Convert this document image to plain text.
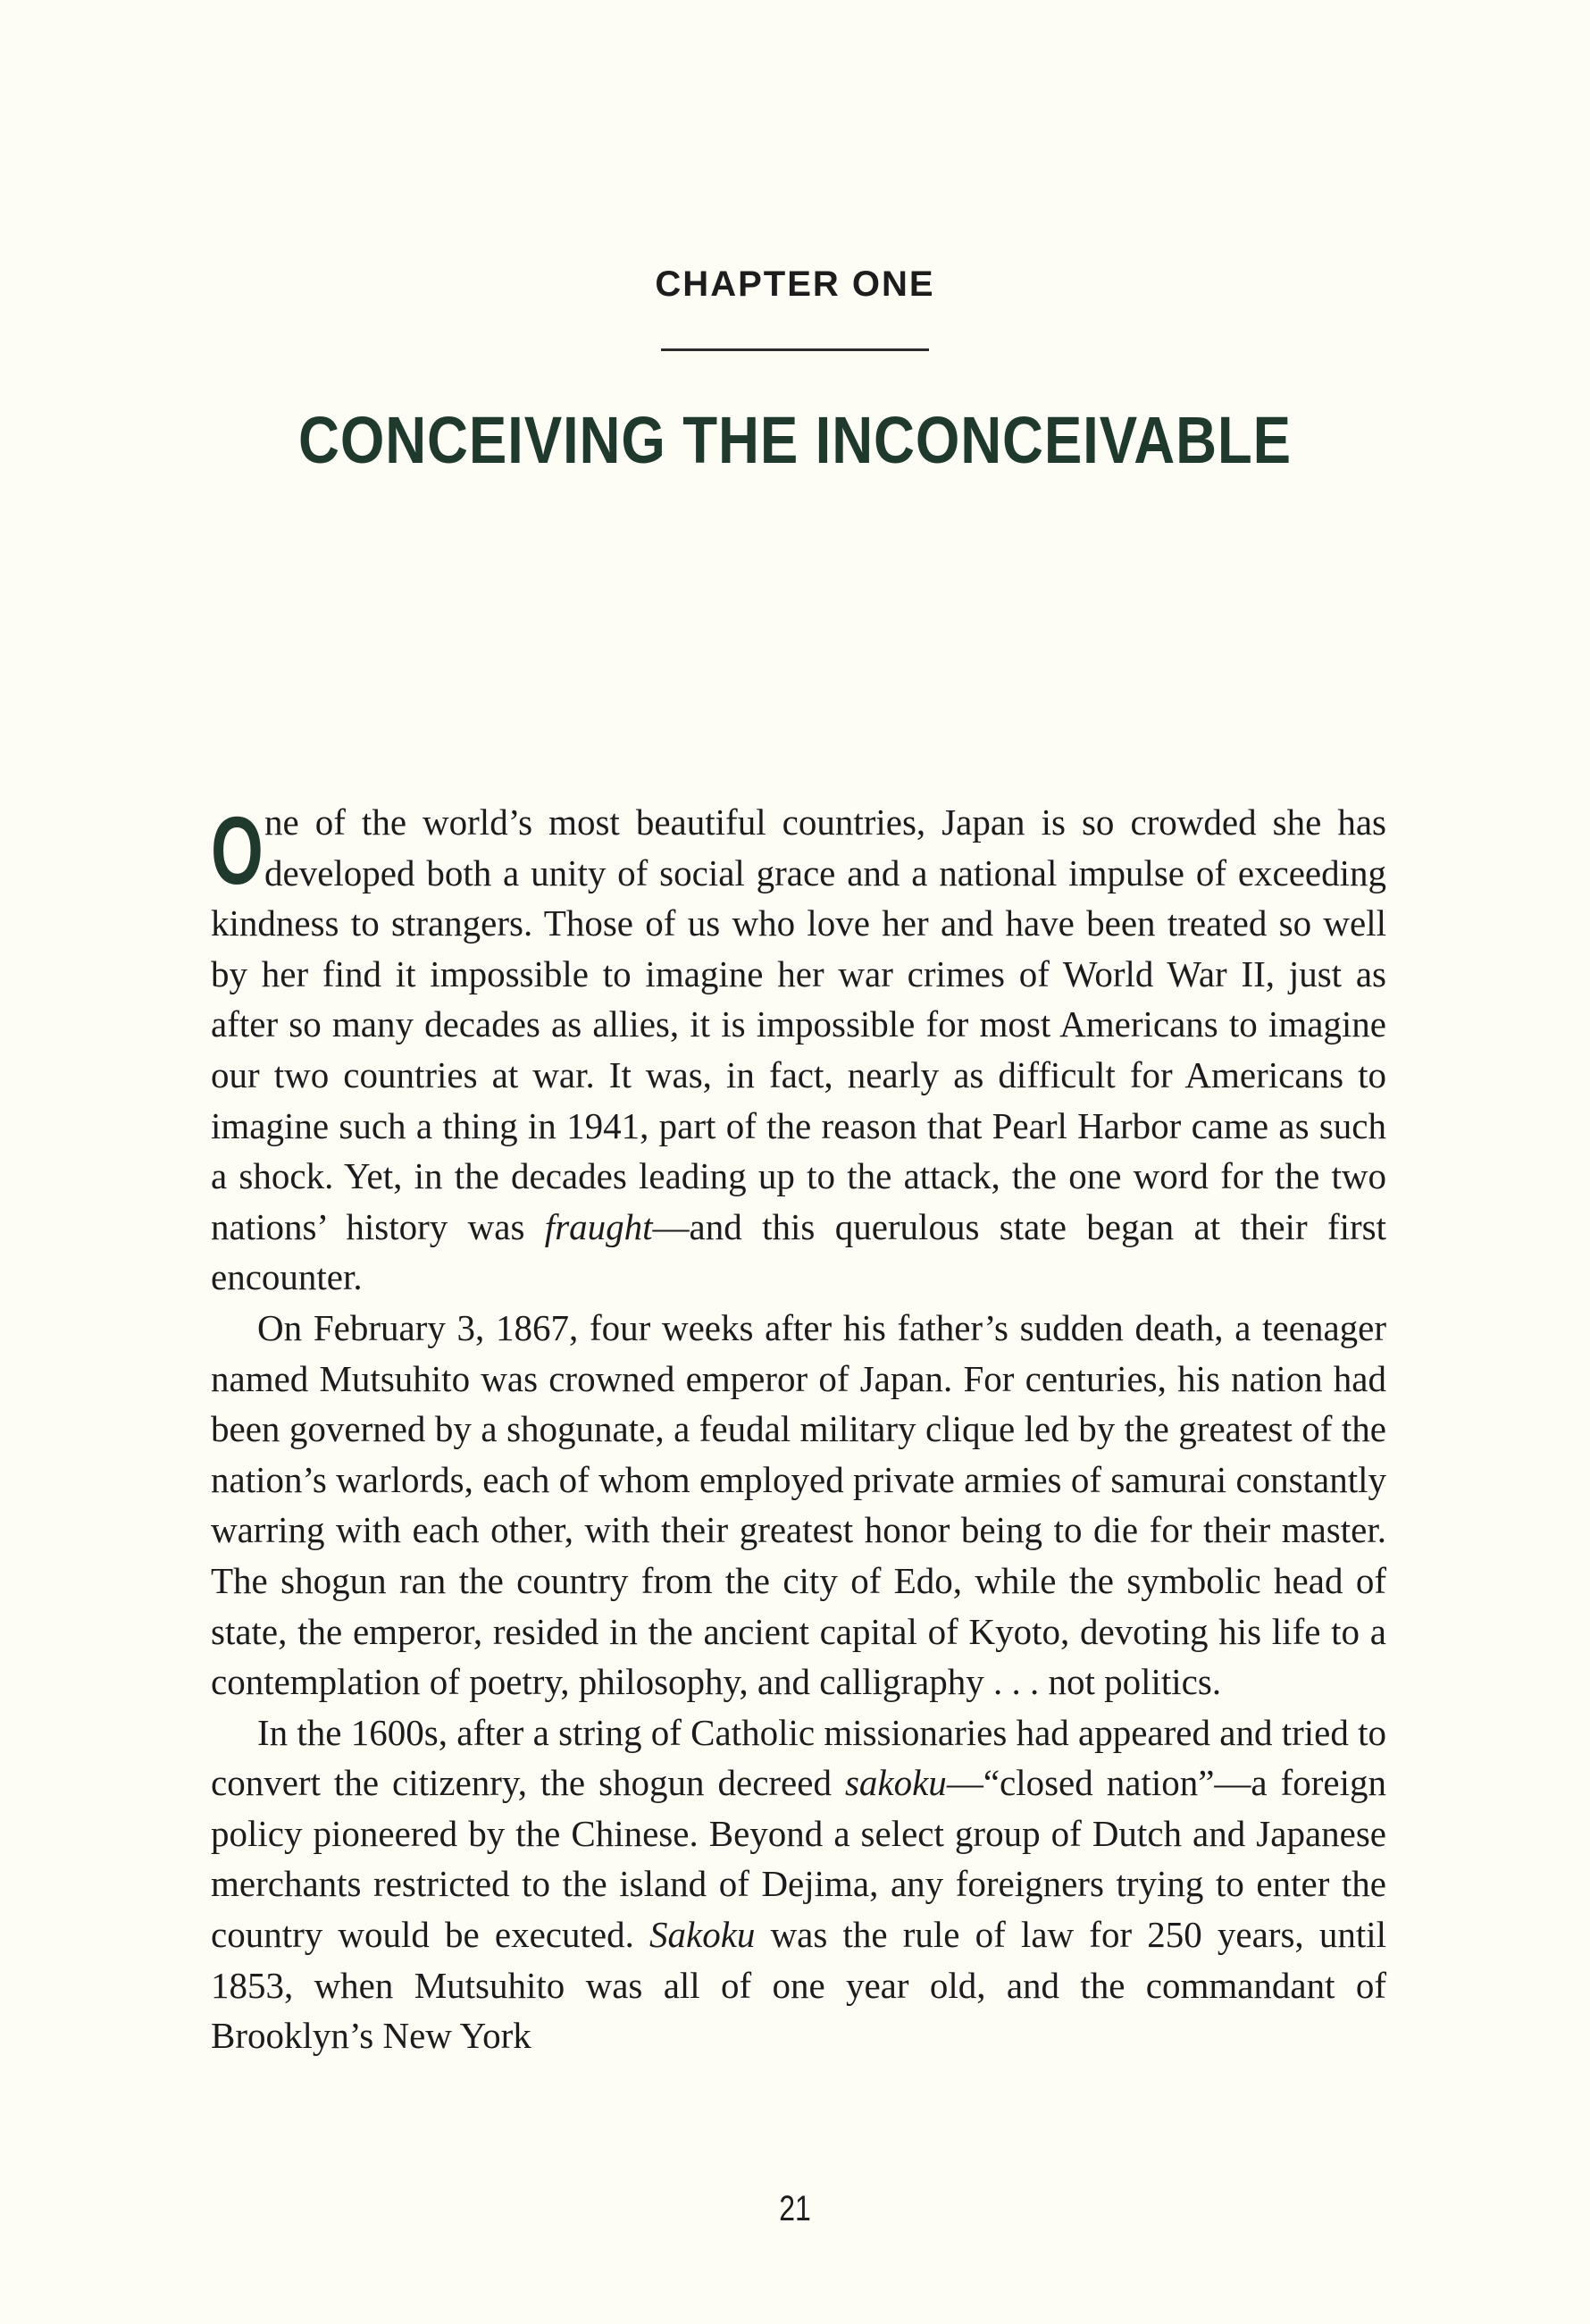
CHAPTER ONE
CONCEIVING THE INCONCEIVABLE

One of the world’s most beautiful countries, Japan is so crowded she has developed both a unity of social grace and a national impulse of exceeding kindness to strangers. Those of us who love her and have been treated so well by her find it impossible to imagine her war crimes of World War II, just as after so many decades as allies, it is impossible for most Americans to imagine our two countries at war. It was, in fact, nearly as difficult for Americans to imagine such a thing in 1941, part of the reason that Pearl Harbor came as such a shock. Yet, in the decades leading up to the attack, the one word for the two nations’ history was fraught—and this querulous state began at their first encounter.

On February 3, 1867, four weeks after his father’s sudden death, a teenager named Mutsuhito was crowned emperor of Japan. For centuries, his nation had been governed by a shogunate, a feudal military clique led by the greatest of the nation’s warlords, each of whom employed private armies of samurai constantly warring with each other, with their greatest honor being to die for their master. The shogun ran the country from the city of Edo, while the symbolic head of state, the emperor, resided in the ancient capital of Kyoto, devoting his life to a contemplation of poetry, philosophy, and calligraphy . . . not politics.

In the 1600s, after a string of Catholic missionaries had appeared and tried to convert the citizenry, the shogun decreed sakoku—“closed nation”—a foreign policy pioneered by the Chinese. Beyond a select group of Dutch and Japanese merchants restricted to the island of Dejima, any foreigners trying to enter the country would be executed. Sakoku was the rule of law for 250 years, until 1853, when Mutsuhito was all of one year old, and the commandant of Brooklyn’s New York

21
